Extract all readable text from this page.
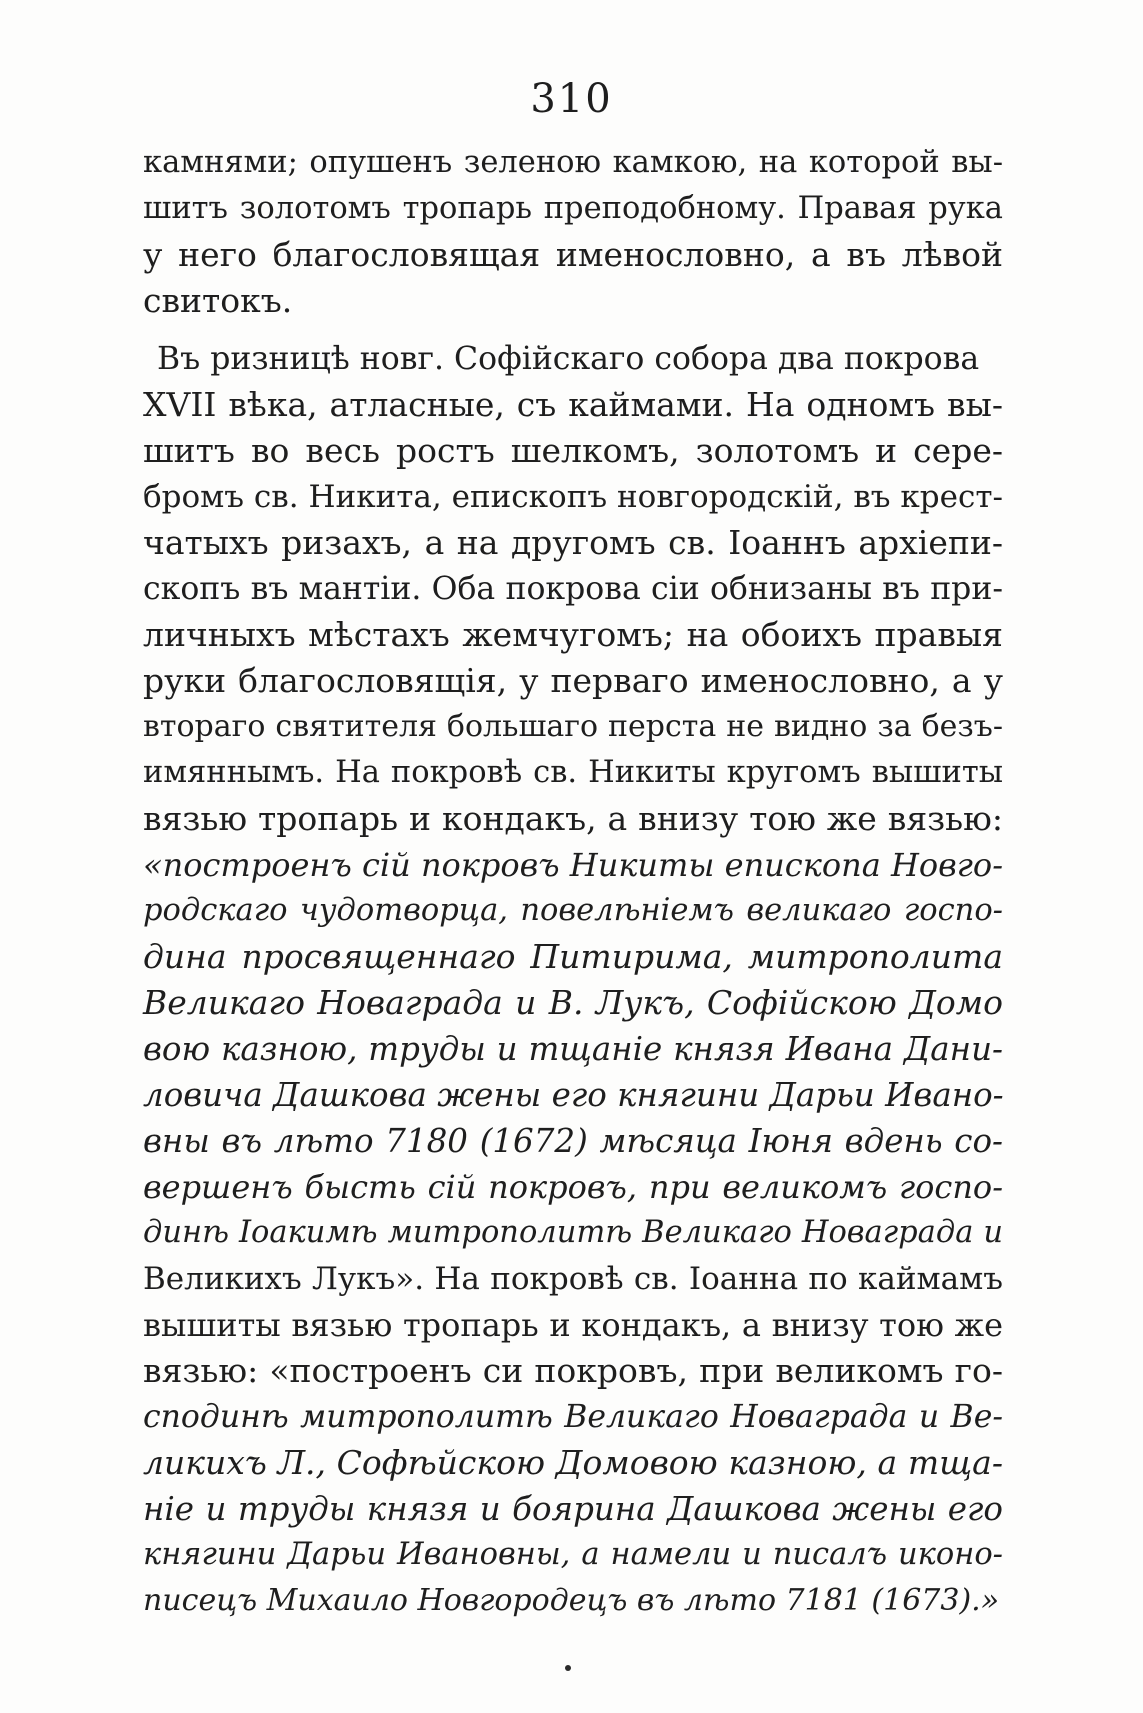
310
камнями; опушенъ зеленою камкою, на которой вы-
шитъ золотомъ тропарь преподобному. Правая рука
у него благословящая именословно, а въ лѣвой
свитокъ.
Въ ризницѣ новг. Софійскаго собора два покрова
XVII вѣка, атласные, съ каймами. На одномъ вы-
шитъ во весь ростъ шелкомъ, золотомъ и сере-
бромъ св. Никита, епископъ новгородскій, въ крест-
чатыхъ ризахъ, а на другомъ св. Іоаннъ архіепи-
скопъ въ мантіи. Оба покрова сіи обнизаны въ при-
личныхъ мѣстахъ жемчугомъ; на обоихъ правыя
руки благословящія, у перваго именословно, а у
втораго святителя большаго перста не видно за безъ-
имяннымъ. На покровѣ св. Никиты кругомъ вышиты
вязью тропарь и кондакъ, а внизу тою же вязью:
«построенъ сій покровъ Никиты епископа Новго-
родскаго чудотворца, повелѣніемъ великаго госпо-
дина просвященнаго Питирима, митрополита
Великаго Новаграда и В. Лукъ, Софійскою Домо
вою казною, труды и тщаніе князя Ивана Дани-
ловича Дашкова жены его княгини Дарьи Ивано-
вны въ лѣто 7180 (1672) мѣсяца Іюня вдень со-
вершенъ бысть сій покровъ, при великомъ госпо-
динѣ Іоакимѣ митрополитѣ Великаго Новаграда и
Великихъ Лукъ». На покровѣ св. Іоанна по каймамъ
вышиты вязью тропарь и кондакъ, а внизу тою же
вязью: «построенъ си покровъ, при великомъ го-
сподинѣ митрополитѣ Великаго Новаграда и Ве-
ликихъ Л., Софѣйскою Домовою казною, а тща-
ніе и труды князя и боярина Дашкова жены его
княгини Дарьи Ивановны, а намели и писалъ иконо-
писецъ Михаило Новгородецъ въ лѣто 7181 (1673).»
